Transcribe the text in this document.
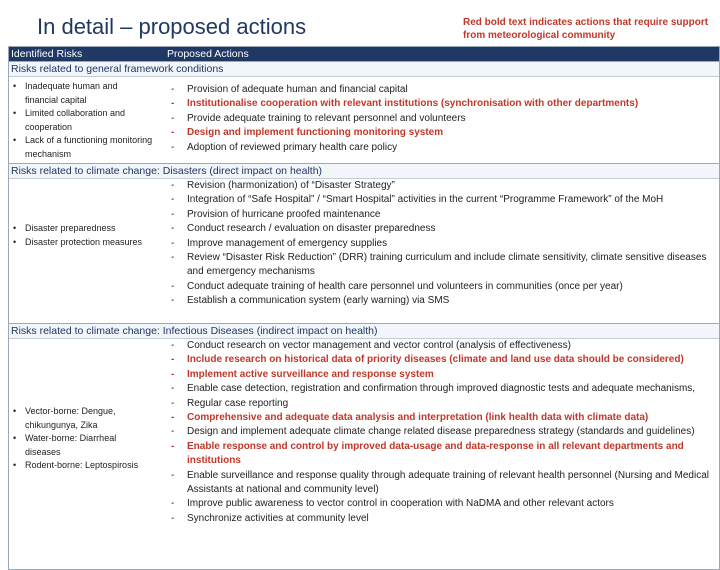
In detail – proposed actions	Red bold text indicates actions that require support from meteorological community
Identified Risks	Proposed Actions
Risks related to general framework conditions
• Inadequate human and financial capital
• Limited collaboration and cooperation
• Lack of a functioning monitoring mechanism
- Provision of adequate human and financial capital
- Institutionalise cooperation with relevant institutions (synchronisation with other departments)
- Provide adequate training to relevant personnel and volunteers
- Design and implement functioning monitoring system
- Adoption of reviewed primary health care policy
Risks related to climate change: Disasters (direct impact on health)
• Disaster preparedness
• Disaster protection measures
- Revision (harmonization) of “Disaster Strategy”
- Integration of “Safe Hospital” / “Smart Hospital” activities in the current “Programme Framework” of the MoH
- Provision of hurricane proofed maintenance
- Conduct research / evaluation on disaster preparedness
- Improve management of emergency supplies
- Review “Disaster Risk Reduction” (DRR) training curriculum and include climate sensitivity, climate sensitive diseases and emergency mechanisms
- Conduct adequate training of health care personnel und volunteers in communities (once per year)
- Establish a communication system (early warning) via SMS
Risks related to climate change: Infectious Diseases (indirect impact on health)
• Vector-borne: Dengue, chikungunya, Zika
• Water-borne: Diarrheal diseases
• Rodent-borne: Leptospirosis
- Conduct research on vector management and vector control (analysis of effectiveness)
- Include research on historical data of priority diseases (climate and land use data should be considered)
- Implement active surveillance and response system
- Enable case detection, registration and confirmation through improved diagnostic tests and adequate mechanisms,
- Regular case reporting
- Comprehensive and adequate data analysis and interpretation (link health data with climate data)
- Design and implement adequate climate change related disease preparedness strategy (standards and guidelines)
- Enable response and control by improved data-usage and data-response in all relevant departments and institutions
- Enable surveillance and response quality through adequate training of relevant health personnel (Nursing and Medical Assistants at national and community level)
- Improve public awareness to vector control in cooperation with NaDMA and other relevant actors
- Synchronize activities at community level
